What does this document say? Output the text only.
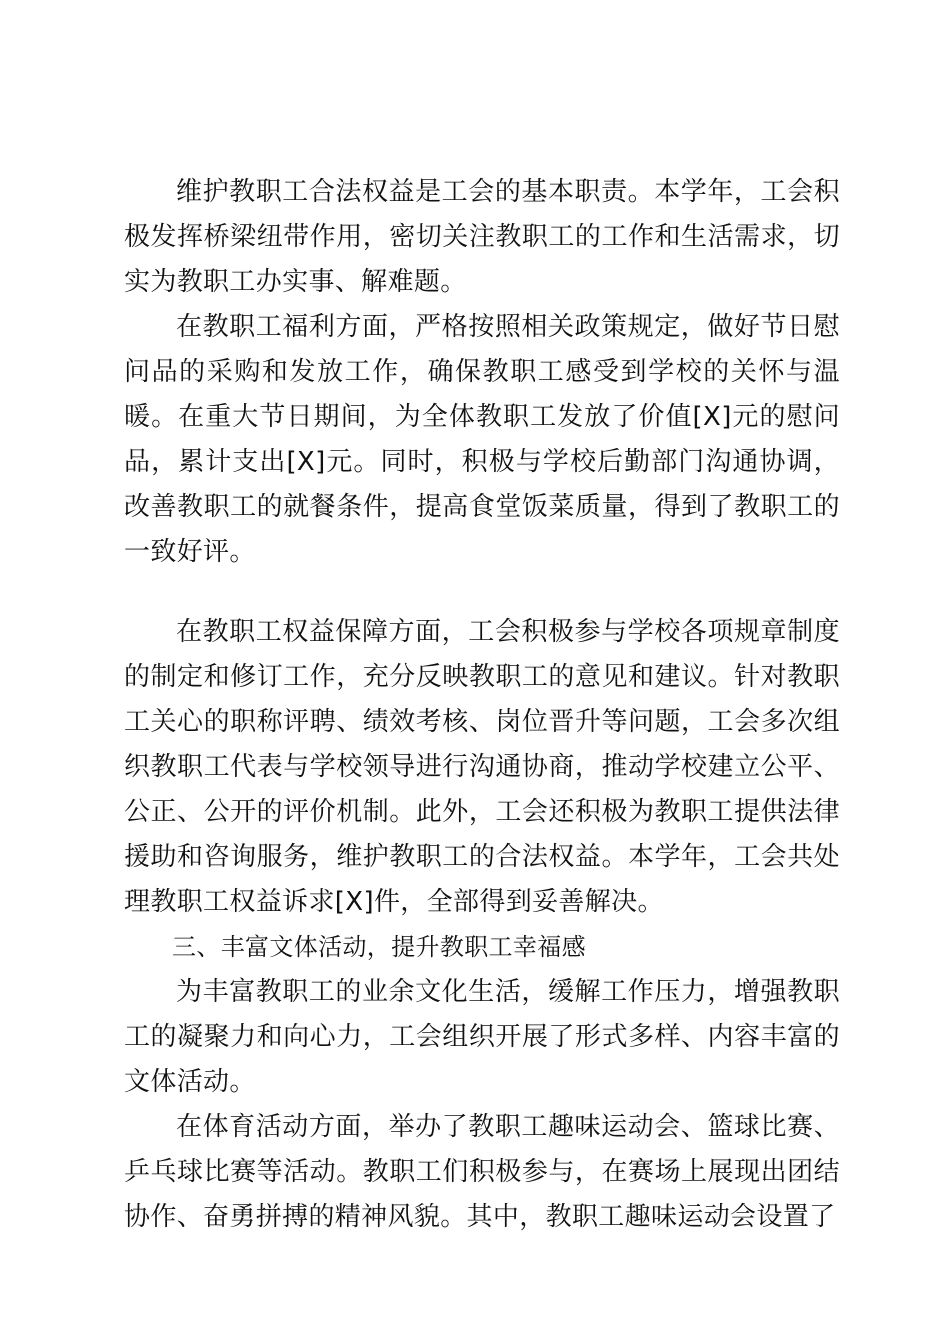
维护教职工合法权益是工会的基本职责。本学年，工会积极发挥桥梁纽带作用，密切关注教职工的工作和生活需求，切实为教职工办实事、解难题。

在教职工福利方面，严格按照相关政策规定，做好节日慰问品的采购和发放工作，确保教职工感受到学校的关怀与温暖。在重大节日期间，为全体教职工发放了价值[X]元的慰问品，累计支出[X]元。同时，积极与学校后勤部门沟通协调，改善教职工的就餐条件，提高食堂饭菜质量，得到了教职工的一致好评。

在教职工权益保障方面，工会积极参与学校各项规章制度的制定和修订工作，充分反映教职工的意见和建议。针对教职工关心的职称评聘、绩效考核、岗位晋升等问题，工会多次组织教职工代表与学校领导进行沟通协商，推动学校建立公平、公正、公开的评价机制。此外，工会还积极为教职工提供法律援助和咨询服务，维护教职工的合法权益。本学年，工会共处理教职工权益诉求[X]件，全部得到妥善解决。

三、丰富文体活动，提升教职工幸福感

为丰富教职工的业余文化生活，缓解工作压力，增强教职工的凝聚力和向心力，工会组织开展了形式多样、内容丰富的文体活动。

在体育活动方面，举办了教职工趣味运动会、篮球比赛、乒乓球比赛等活动。教职工们积极参与，在赛场上展现出团结协作、奋勇拼搏的精神风貌。其中，教职工趣味运动会设置了
